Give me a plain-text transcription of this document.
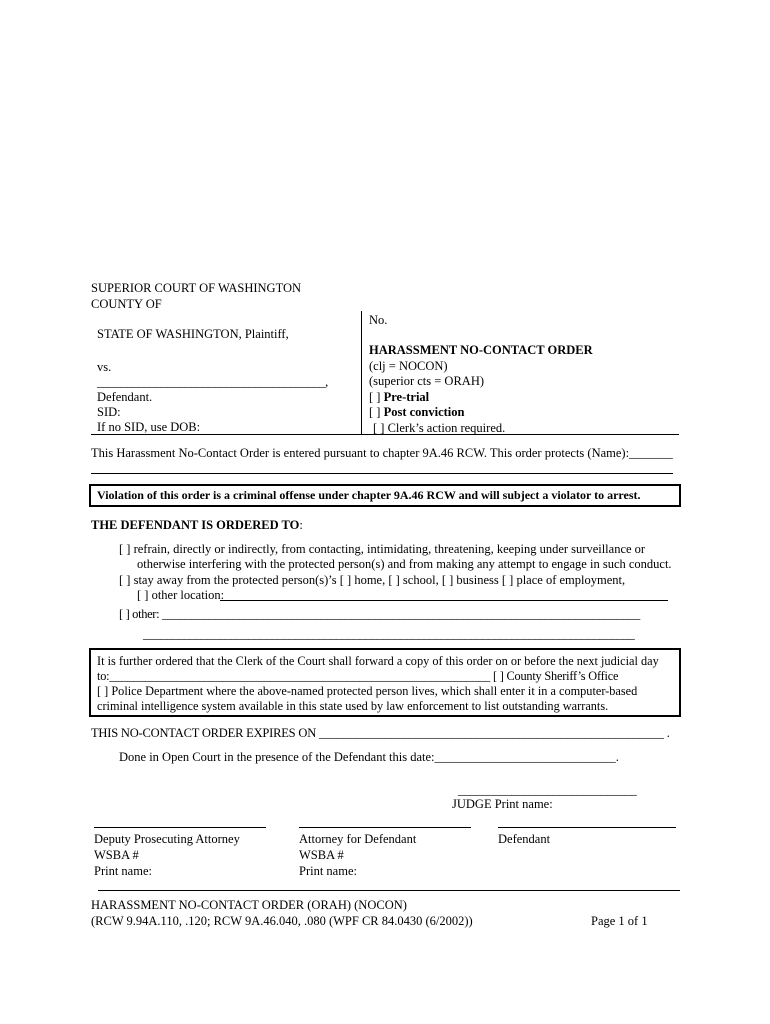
SUPERIOR COURT OF WASHINGTON
COUNTY OF
STATE OF WASHINGTON, Plaintiff,
vs.
_______________________________________,
Defendant.
SID:
If no SID, use DOB:
No.
HARASSMENT NO-CONTACT ORDER
(clj = NOCON)
(superior cts = ORAH)
[ ] Pre-trial
[ ] Post conviction
[ ] Clerk’s action required.
This Harassment No-Contact Order is entered pursuant to chapter 9A.46 RCW. This order protects (Name):_______
Violation of this order is a criminal offense under chapter 9A.46 RCW and will subject a violator to arrest.
THE DEFENDANT IS ORDERED TO:
[ ] refrain, directly or indirectly, from contacting, intimidating, threatening, keeping under surveillance or
otherwise interfering with the protected person(s) and from making any attempt to engage in such conduct.
[ ] stay away from the protected person(s)’s [ ] home, [ ] school, [ ] business [ ] place of employment,
[ ] other location:
[ ] other: _________________________________________________________________________________
____________________________________________________________________________________
It is further ordered that the Clerk of the Court shall forward a copy of this order on or before the next judicial day
to:________________________________________________________________ [ ] County Sheriff’s Office
[ ] Police Department where the above-named protected person lives, which shall enter it in a computer-based
criminal intelligence system available in this state used by law enforcement to list outstanding warrants.
THIS NO-CONTACT ORDER EXPIRES ON _________________________________________________________ .
Done in Open Court in the presence of the Defendant this date:_____________________________.
______________________________
JUDGE Print name:
Deputy Prosecuting Attorney
WSBA #
Print name:
Attorney for Defendant
WSBA #
Print name:
Defendant
HARASSMENT NO-CONTACT ORDER (ORAH) (NOCON)
(RCW 9.94A.110, .120; RCW 9A.46.040, .080 (WPF CR 84.0430 (6/2002))	Page 1 of 1
